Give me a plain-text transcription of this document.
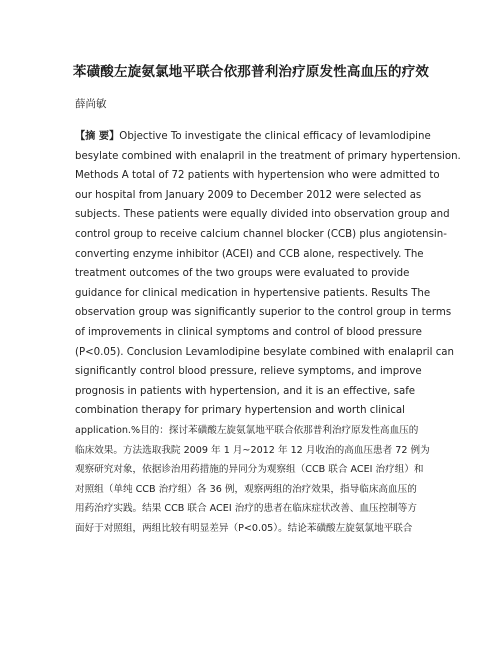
苯磺酸左旋氨氯地平联合依那普利治疗原发性高血压的疗效
薛尚敏
【摘 要】Objective To investigate the clinical efficacy of levamlodipine
besylate combined with enalapril in the treatment of primary hypertension.
Methods A total of 72 patients with hypertension who were admitted to
our hospital from January 2009 to December 2012 were selected as
subjects. These patients were equally divided into observation group and
control group to receive calcium channel blocker (CCB) plus angiotensin-
converting enzyme inhibitor (ACEI) and CCB alone, respectively. The
treatment outcomes of the two groups were evaluated to provide
guidance for clinical medication in hypertensive patients. Results The
observation group was significantly superior to the control group in terms
of improvements in clinical symptoms and control of blood pressure
(P<0.05). Conclusion Levamlodipine besylate combined with enalapril can
significantly control blood pressure, relieve symptoms, and improve
prognosis in patients with hypertension, and it is an effective, safe
combination therapy for primary hypertension and worth clinical
application.%目的：探讨苯磺酸左旋氨氯地平联合依那普利治疗原发性高血压的
临床效果。方法选取我院 2009 年 1 月~2012 年 12 月收治的高血压患者 72 例为
观察研究对象，依据诊治用药措施的异同分为观察组（CCB 联合 ACEI 治疗组）和
对照组（单纯 CCB 治疗组）各 36 例，观察两组的治疗效果，指导临床高血压的
用药治疗实践。结果 CCB 联合 ACEI 治疗的患者在临床症状改善、血压控制等方
面好于对照组，两组比较有明显差异（P<0.05）。结论苯磺酸左旋氨氯地平联合
